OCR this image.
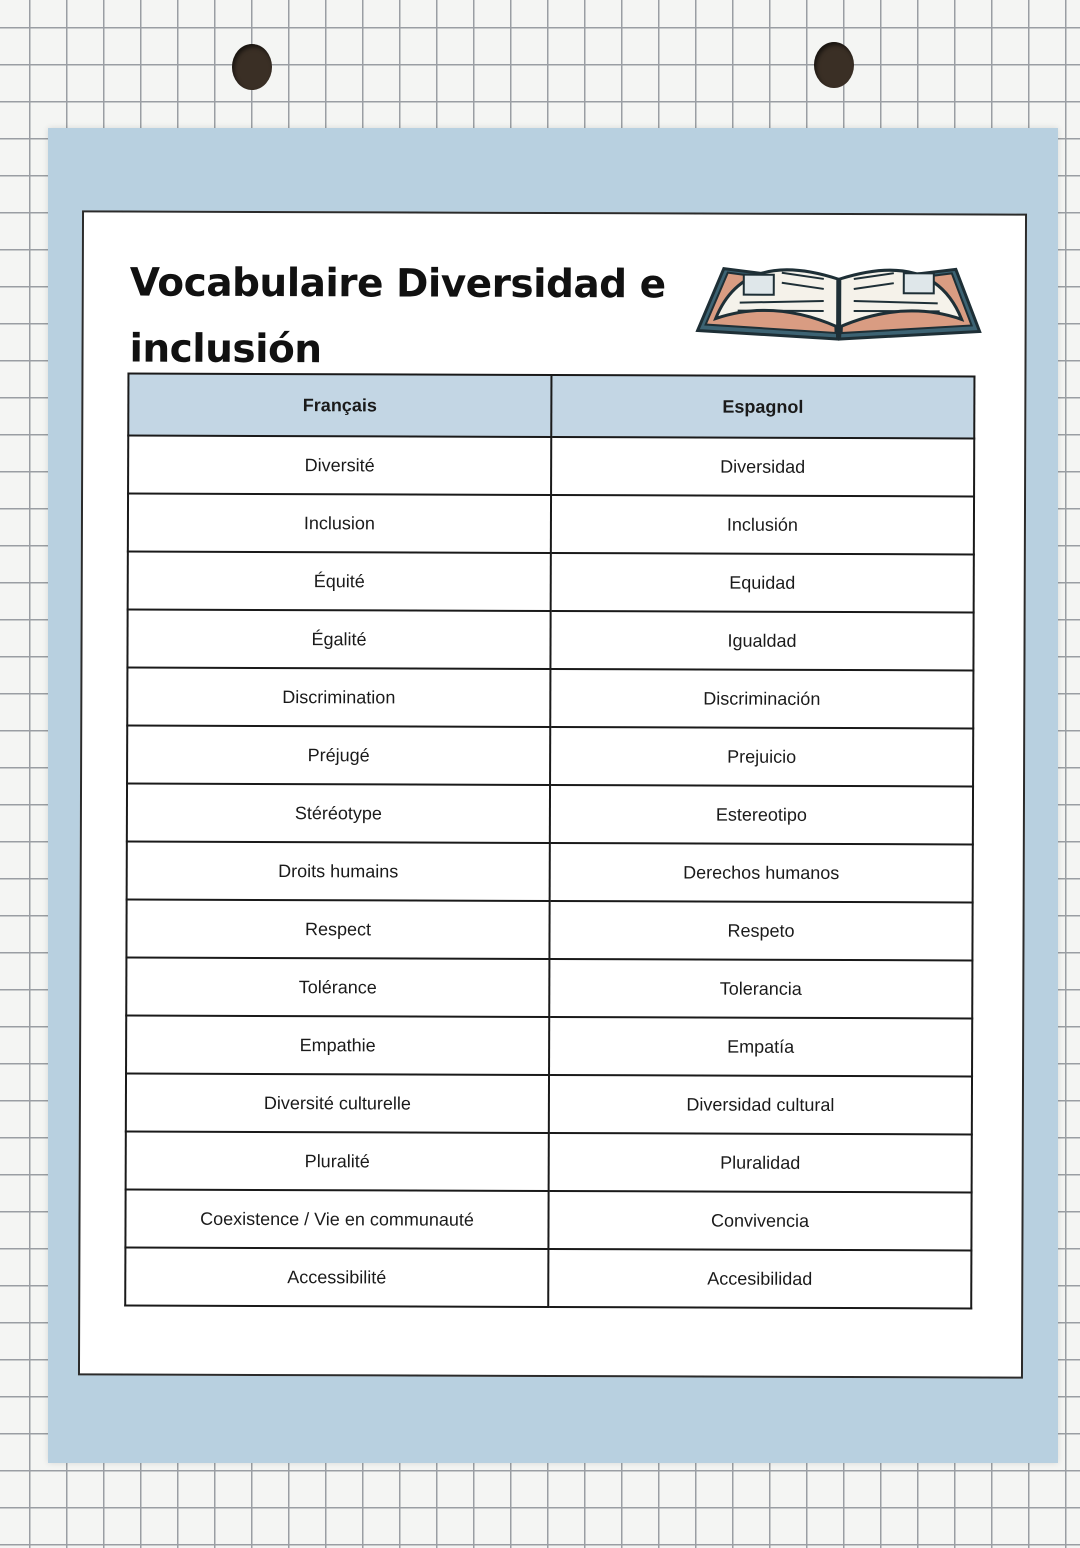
Vocabulaire Diversidad e inclusión
Français	Espagnol
Diversité	Diversidad
Inclusion	Inclusión
Équité	Equidad
Égalité	Igualdad
Discrimination	Discriminación
Préjugé	Prejuicio
Stéréotype	Estereotipo
Droits humains	Derechos humanos
Respect	Respeto
Tolérance	Tolerancia
Empathie	Empatía
Diversité culturelle	Diversidad cultural
Pluralité	Pluralidad
Coexistence / Vie en communauté	Convivencia
Accessibilité	Accesibilidad
